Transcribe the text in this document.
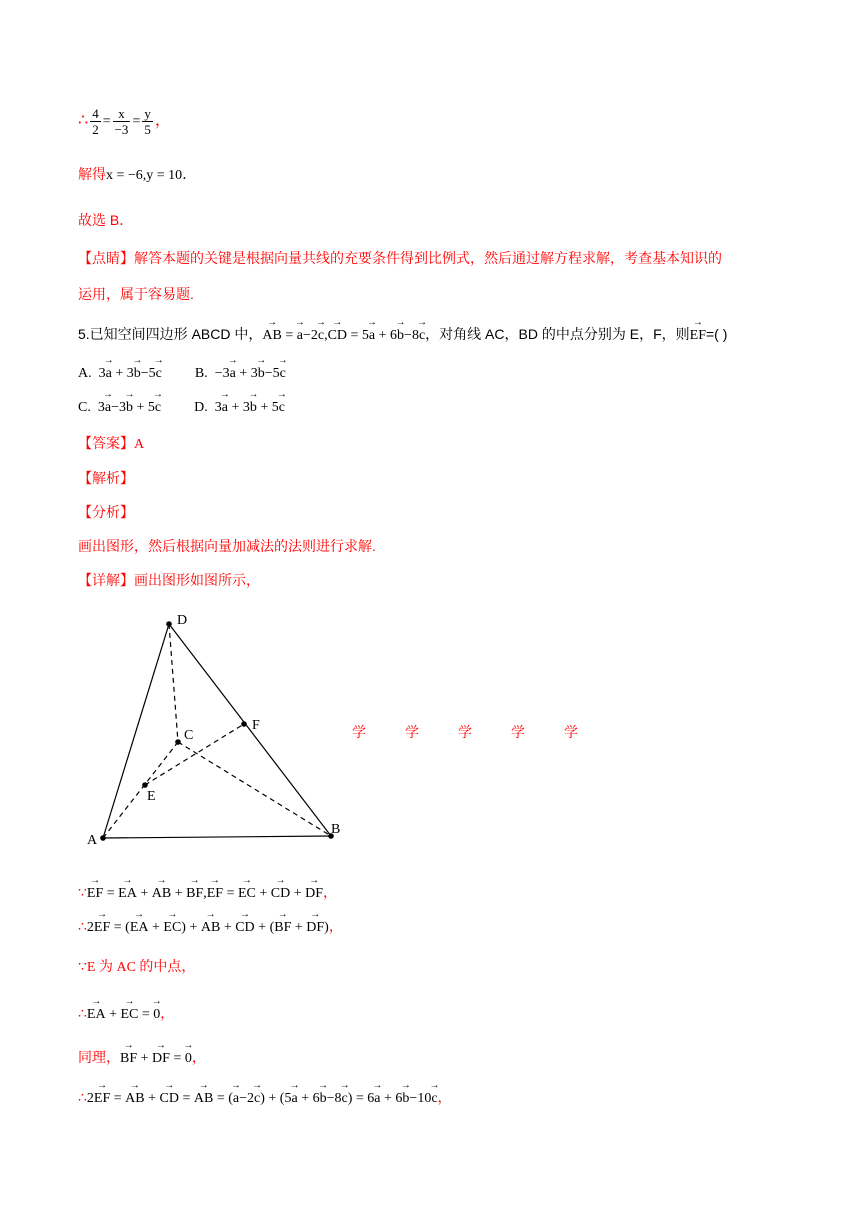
∴ $\frac{4}{2} = \frac{x}{-3} = \frac{y}{5}$ ，
解得x = −6,y = 10．
故选 B．
【点睛】解答本题的关键是根据向量共线的充要条件得到比例式，然后通过解方程求解，考查基本知识的
运用，属于容易题.
5.已知空间四边形 ABCD 中，→ AB = → a−2→ c,→ CD = 5→ a + 6→ b−8→ c，对角线 AC，BD 的中点分别为 E，F，则→ EF=( )
A. 3→ a + 3→ b−5→ c B. −3→ a + 3→ b−5→ c
C. 3→ a−3→ b + 5→ c D. 3→ a + 3→ b + 5→ c
【答案】A
【解析】
【分析】
画出图形，然后根据向量加减法的法则进行求解.
【详解】画出图形如图所示，
D
C
F
E
A
B
学	学	学	学	学
∵→ EF = → EA + → AB + → BF,→ EF = → EC + → CD + → DF，
∴2→ EF = (→ EA + → EC) + → AB + → CD + (→ BF + → DF)，
∵E 为 AC 的中点，
∴→ EA + → EC = → 0，
同理，→ BF + → DF = → 0，
∴2→ EF = → AB + → CD = → AB = (→ a−2→ c) + (5→ a + 6→ b−8→ c) = 6→ a + 6→ b−10→ c，
